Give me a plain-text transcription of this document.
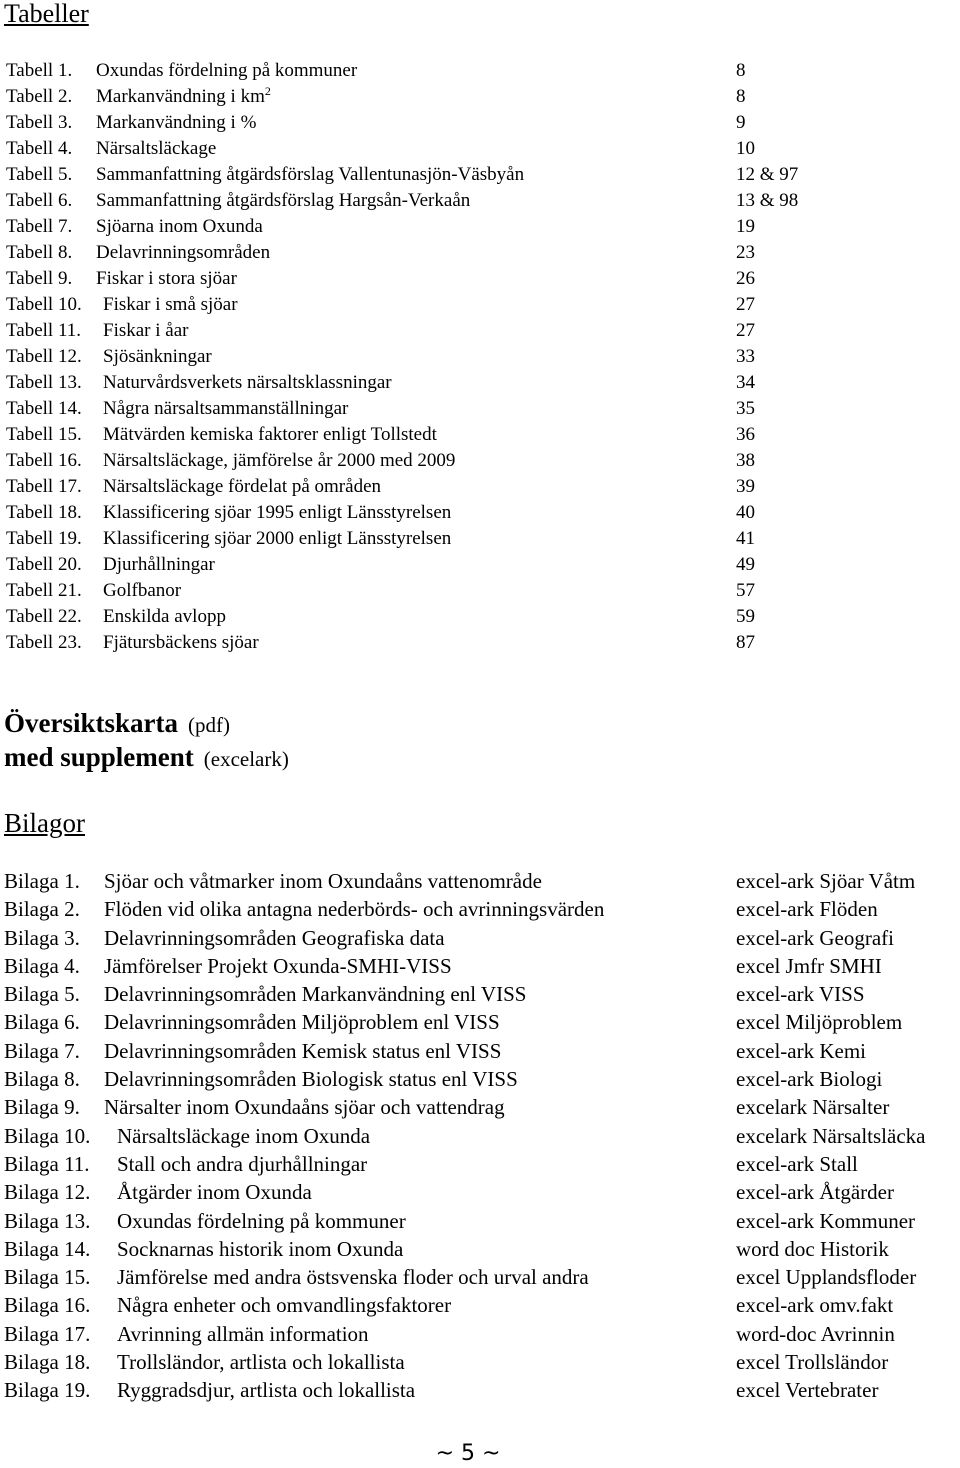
Tabeller
Tabell 1. Oxundas fördelning på kommuner	8
Tabell 2. Markanvändning i $km^2$	8
Tabell 3. Markanvändning i %	9
Tabell 4. Närsaltsläckage	10
Tabell 5. Sammanfattning åtgärdsförslag Vallentunasjön-Väsbyån	12 & 97
Tabell 6. Sammanfattning åtgärdsförslag Hargsån-Verkaån	13 & 98
Tabell 7. Sjöarna inom Oxunda	19
Tabell 8. Delavrinningsområden	23
Tabell 9. Fiskar i stora sjöar	26
Tabell 10. Fiskar i små sjöar	27
Tabell 11. Fiskar i åar	27
Tabell 12. Sjösänkningar	33
Tabell 13. Naturvårdsverkets närsaltsklassningar	34
Tabell 14. Några närsaltsammanställningar	35
Tabell 15. Mätvärden kemiska faktorer enligt Tollstedt	36
Tabell 16. Närsaltsläckage, jämförelse år 2000 med 2009	38
Tabell 17. Närsaltsläckage fördelat på områden	39
Tabell 18. Klassificering sjöar 1995 enligt Länsstyrelsen	40
Tabell 19. Klassificering sjöar 2000 enligt Länsstyrelsen	41
Tabell 20. Djurhållningar	49
Tabell 21. Golfbanor	57
Tabell 22. Enskilda avlopp	59
Tabell 23. Fjätursbäckens sjöar	87
Översiktskarta (pdf)
med supplement (excelark)
Bilagor
Bilaga 1. Sjöar och våtmarker inom Oxundaåns vattenområde	excel-ark Sjöar Våtm
Bilaga 2. Flöden vid olika antagna nederbörds- och avrinningsvärden	excel-ark Flöden
Bilaga 3. Delavrinningsområden Geografiska data	excel-ark Geografi
Bilaga 4. Jämförelser Projekt Oxunda-SMHI-VISS	excel Jmfr SMHI
Bilaga 5. Delavrinningsområden Markanvändning enl VISS	excel-ark VISS
Bilaga 6. Delavrinningsområden Miljöproblem enl VISS	excel Miljöproblem
Bilaga 7. Delavrinningsområden Kemisk status enl VISS	excel-ark Kemi
Bilaga 8. Delavrinningsområden Biologisk status enl VISS	excel-ark Biologi
Bilaga 9. Närsalter inom Oxundaåns sjöar och vattendrag	excelark Närsalter
Bilaga 10. Närsaltsläckage inom Oxunda	excelark Närsaltsläcka
Bilaga 11. Stall och andra djurhållningar	excel-ark Stall
Bilaga 12. Åtgärder inom Oxunda	excel-ark Åtgärder
Bilaga 13. Oxundas fördelning på kommuner	excel-ark Kommuner
Bilaga 14. Socknarnas historik inom Oxunda	word doc Historik
Bilaga 15. Jämförelse med andra östsvenska floder och urval andra	excel Upplandsfloder
Bilaga 16. Några enheter och omvandlingsfaktorer	excel-ark omv.fakt
Bilaga 17. Avrinning allmän information	word-doc Avrinnin
Bilaga 18. Trollsländor, artlista och lokallista	excel Trollsländor
Bilaga 19. Ryggradsdjur, artlista och lokallista	excel Vertebrater
~ 5 ~
